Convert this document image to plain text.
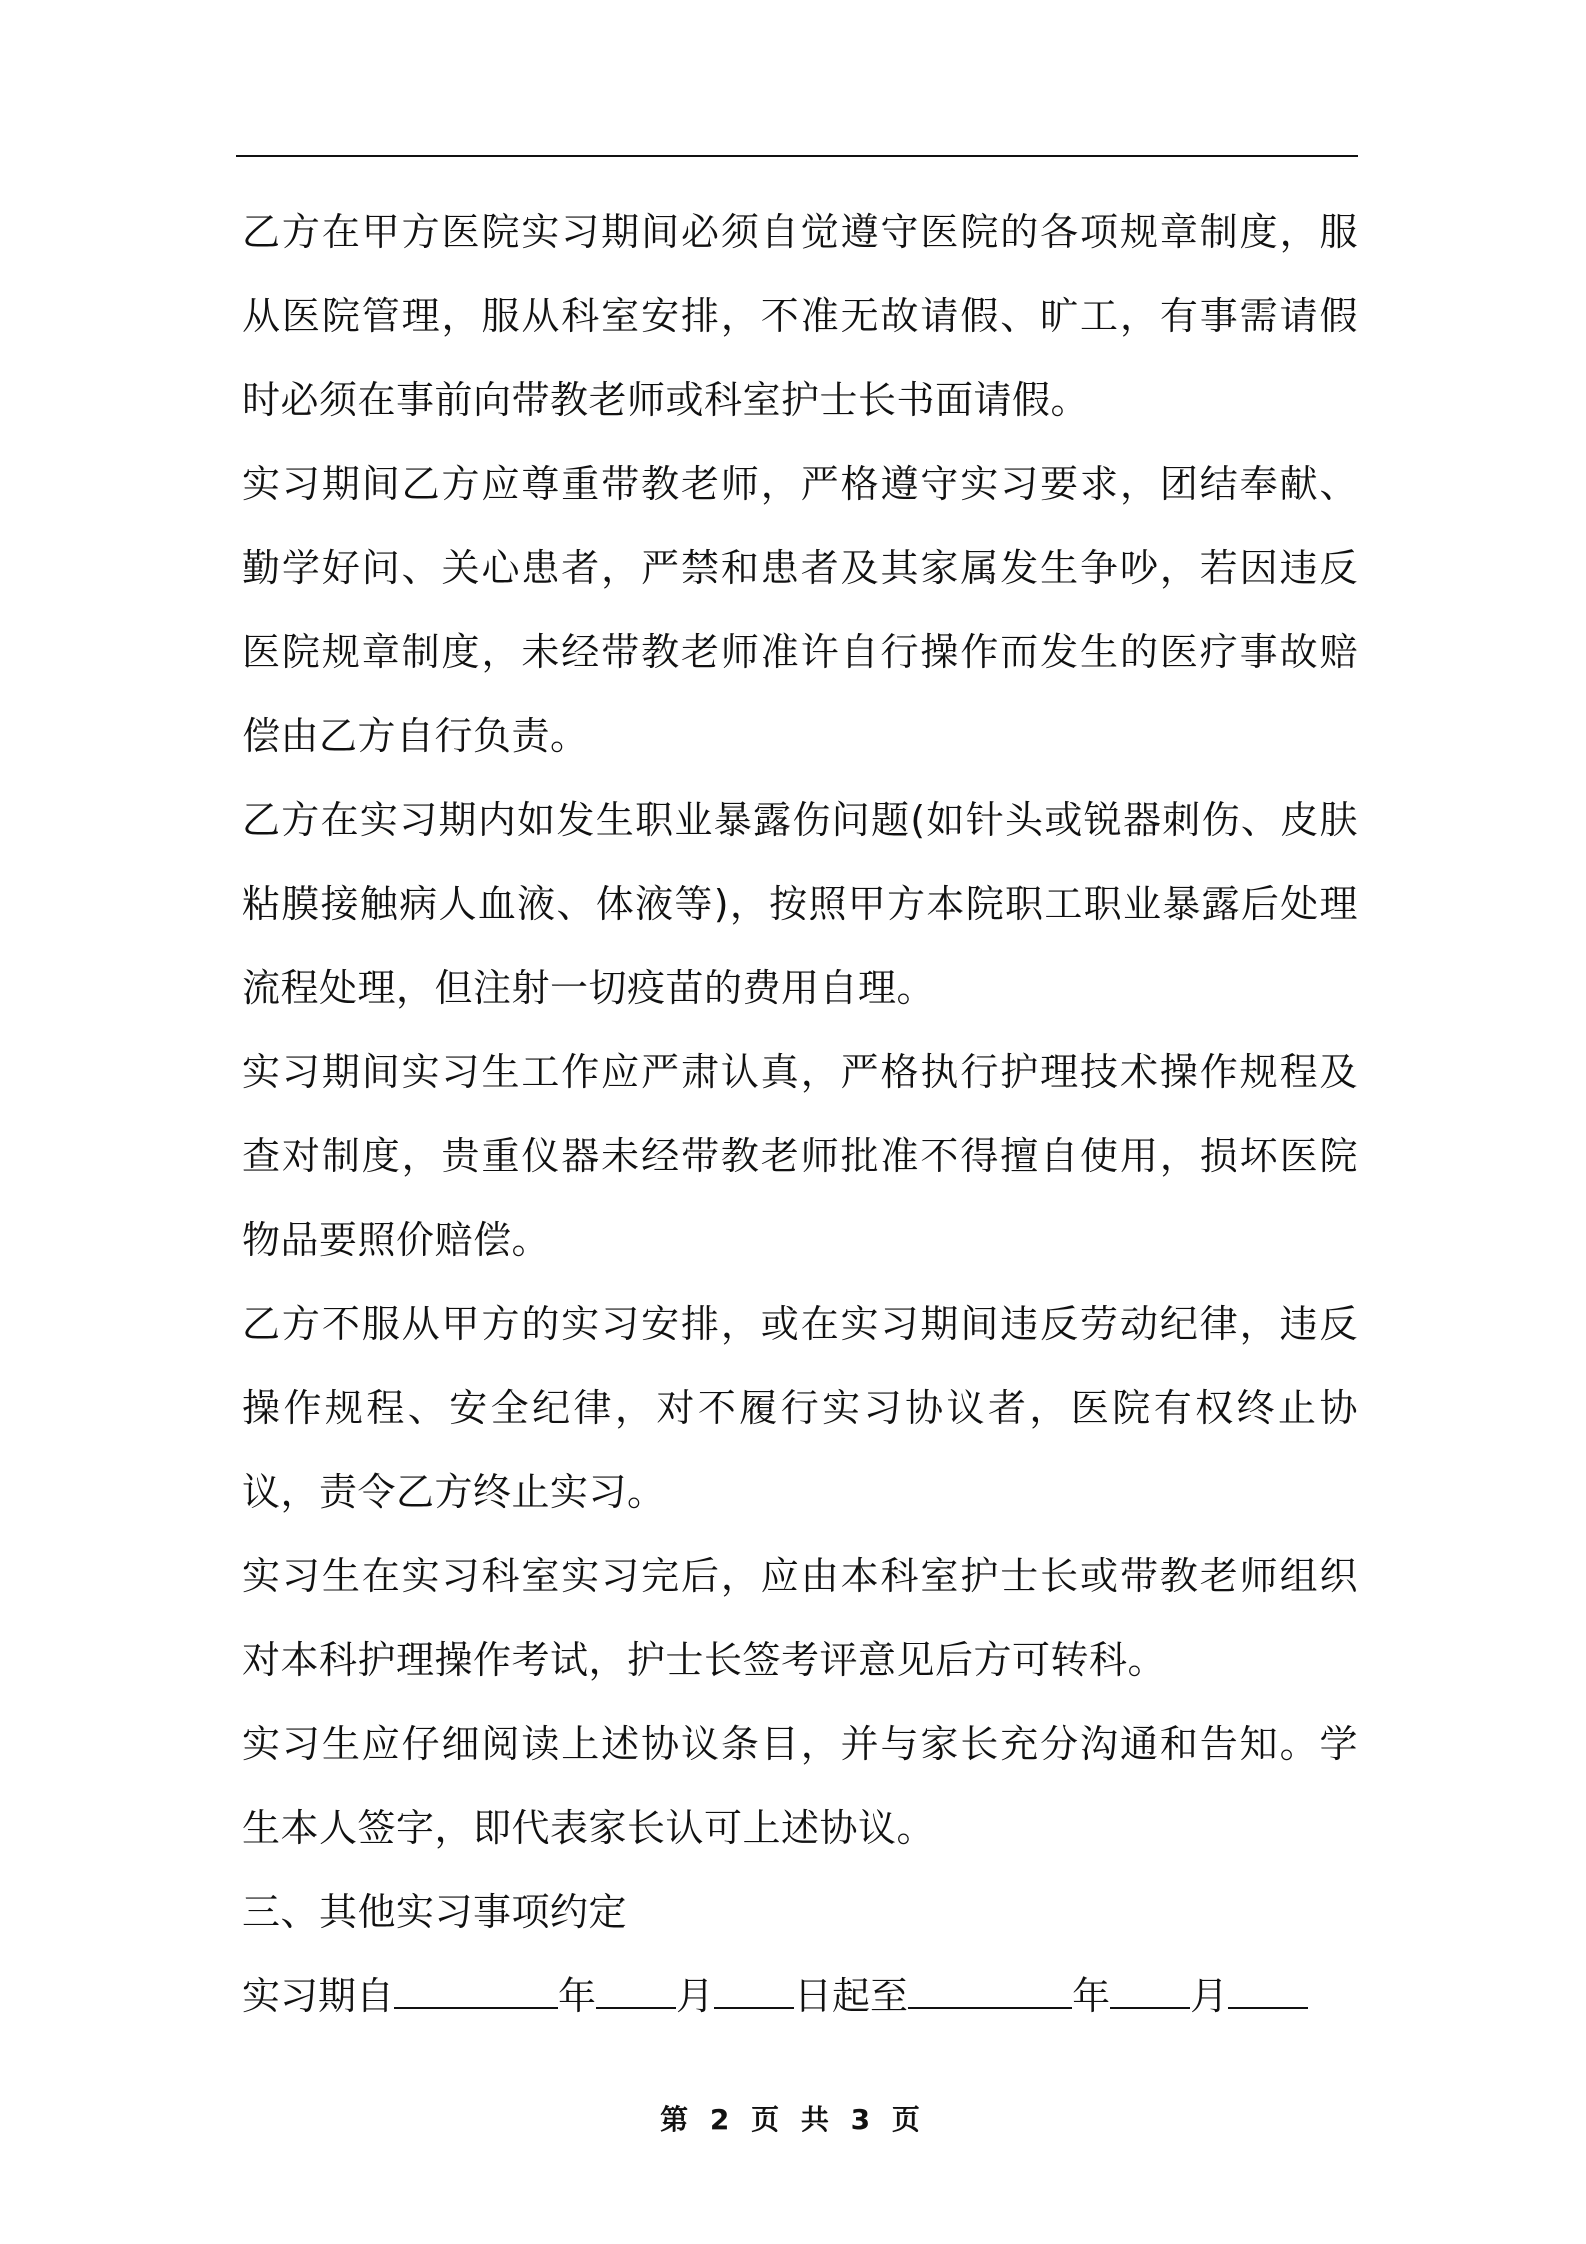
乙方在甲方医院实习期间必须自觉遵守医院的各项规章制度，服从医院管理，服从科室安排，不准无故请假、旷工，有事需请假时必须在事前向带教老师或科室护士长书面请假。

实习期间乙方应尊重带教老师，严格遵守实习要求，团结奉献、勤学好问、关心患者，严禁和患者及其家属发生争吵，若因违反医院规章制度，未经带教老师准许自行操作而发生的医疗事故赔偿由乙方自行负责。

乙方在实习期内如发生职业暴露伤问题(如针头或锐器刺伤、皮肤粘膜接触病人血液、体液等)，按照甲方本院职工职业暴露后处理流程处理，但注射一切疫苗的费用自理。

实习期间实习生工作应严肃认真，严格执行护理技术操作规程及查对制度，贵重仪器未经带教老师批准不得擅自使用，损坏医院物品要照价赔偿。

乙方不服从甲方的实习安排，或在实习期间违反劳动纪律，违反操作规程、安全纪律，对不履行实习协议者，医院有权终止协议，责令乙方终止实习。

实习生在实习科室实习完后，应由本科室护士长或带教老师组织对本科护理操作考试，护士长签考评意见后方可转科。

实习生应仔细阅读上述协议条目，并与家长充分沟通和告知。学生本人签字，即代表家长认可上述协议。

三、其他实习事项约定

实习期自	年 月 日起至	年 月

第 2 页 共 3 页
